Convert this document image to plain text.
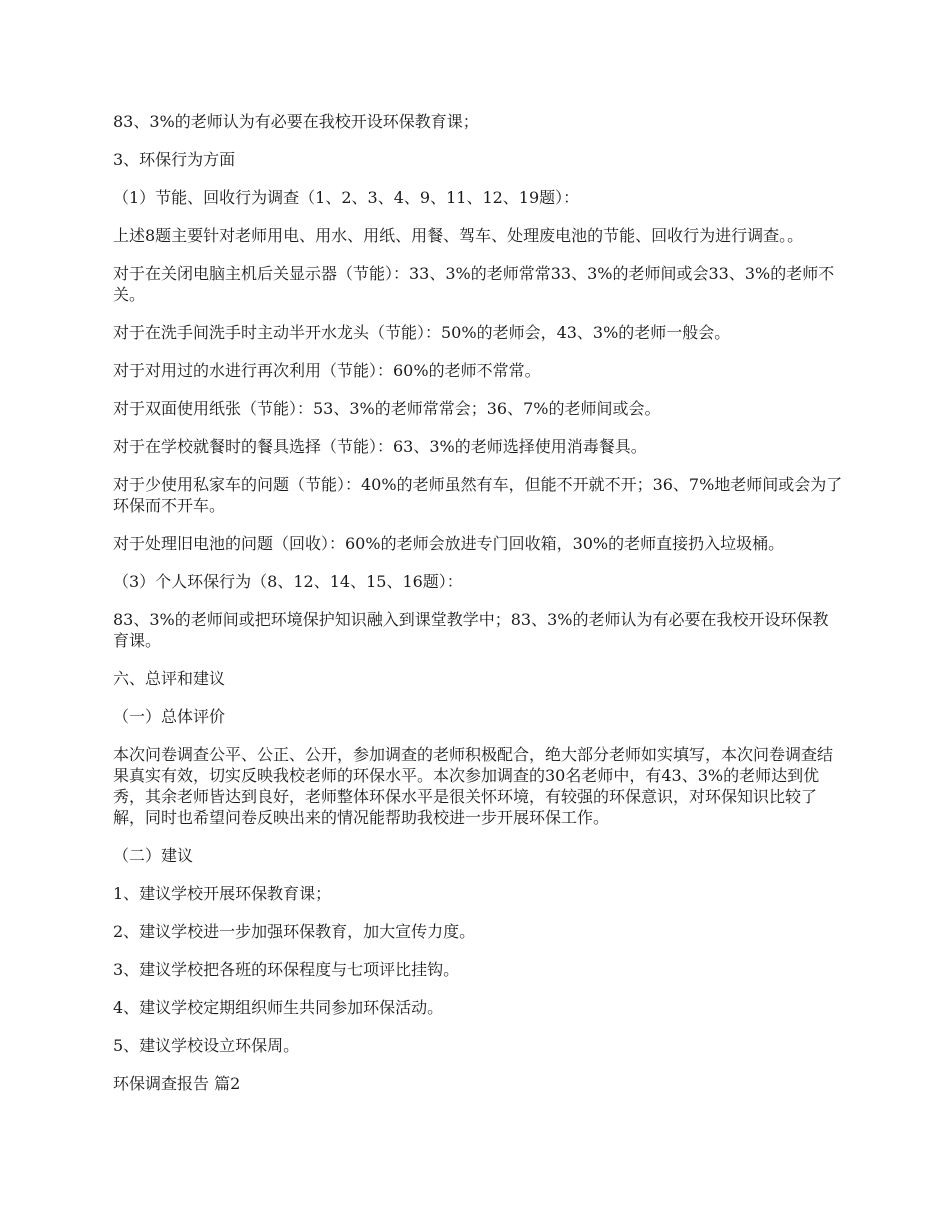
83、3%的老师认为有必要在我校开设环保教育课；

3、环保行为方面

（1）节能、回收行为调查（1、2、3、4、9、11、12、19题）：

上述8题主要针对老师用电、用水、用纸、用餐、驾车、处理废电池的节能、回收行为进行调查。。

对于在关闭电脑主机后关显示器（节能）：33、3%的老师常常33、3%的老师间或会33、3%的老师不关。

对于在洗手间洗手时主动半开水龙头（节能）：50%的老师会，43、3%的老师一般会。

对于对用过的水进行再次利用（节能）：60%的老师不常常。

对于双面使用纸张（节能）：53、3%的老师常常会；36、7%的老师间或会。

对于在学校就餐时的餐具选择（节能）：63、3%的老师选择使用消毒餐具。

对于少使用私家车的问题（节能）：40%的老师虽然有车，但能不开就不开；36、7%地老师间或会为了环保而不开车。

对于处理旧电池的问题（回收）：60%的老师会放进专门回收箱，30%的老师直接扔入垃圾桶。

（3）个人环保行为（8、12、14、15、16题）：

83、3%的老师间或把环境保护知识融入到课堂教学中；83、3%的老师认为有必要在我校开设环保教育课。

六、总评和建议

（一）总体评价

本次问卷调查公平、公正、公开，参加调查的老师积极配合，绝大部分老师如实填写，本次问卷调查结果真实有效，切实反映我校老师的环保水平。本次参加调查的30名老师中，有43、3%的老师达到优秀，其余老师皆达到良好，老师整体环保水平是很关怀环境，有较强的环保意识，对环保知识比较了解，同时也希望问卷反映出来的情况能帮助我校进一步开展环保工作。

（二）建议

1、建议学校开展环保教育课；

2、建议学校进一步加强环保教育，加大宣传力度。

3、建议学校把各班的环保程度与七项评比挂钩。

4、建议学校定期组织师生共同参加环保活动。

5、建议学校设立环保周。

环保调查报告 篇2
